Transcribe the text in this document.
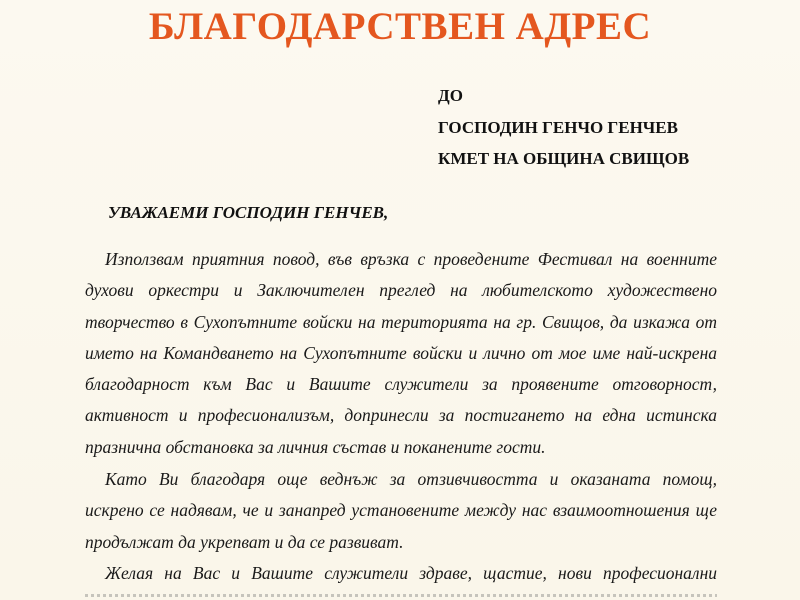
БЛАГОДАРСТВЕН АДРЕС
ДО
ГОСПОДИН ГЕНЧО ГЕНЧЕВ
КМЕТ НА ОБЩИНА СВИЩОВ
УВАЖАЕМИ ГОСПОДИН ГЕНЧЕВ,
Използвам приятния повод, във връзка с проведените Фестивал на военните
духови оркестри и Заключителен преглед на любителското художествено
творчество в Сухопътните войски на територията на гр. Свищов, да изкажа от
името на Командването на Сухопътните войски и лично от мое име най-искрена
благодарност към Вас и Вашите служители за проявените отговорност,
активност и професионализъм, допринесли за постигането на една истинска
празнична обстановка за личния състав и поканените гости.
Като Ви благодаря още веднъж за отзивчивостта и оказаната помощ,
искрено се надявам, че и занапред установените между нас взаимоотношения ще
продължат да укрепват и да се развиват.
Желая на Вас и Вашите служители здраве, щастие, нови професионални
